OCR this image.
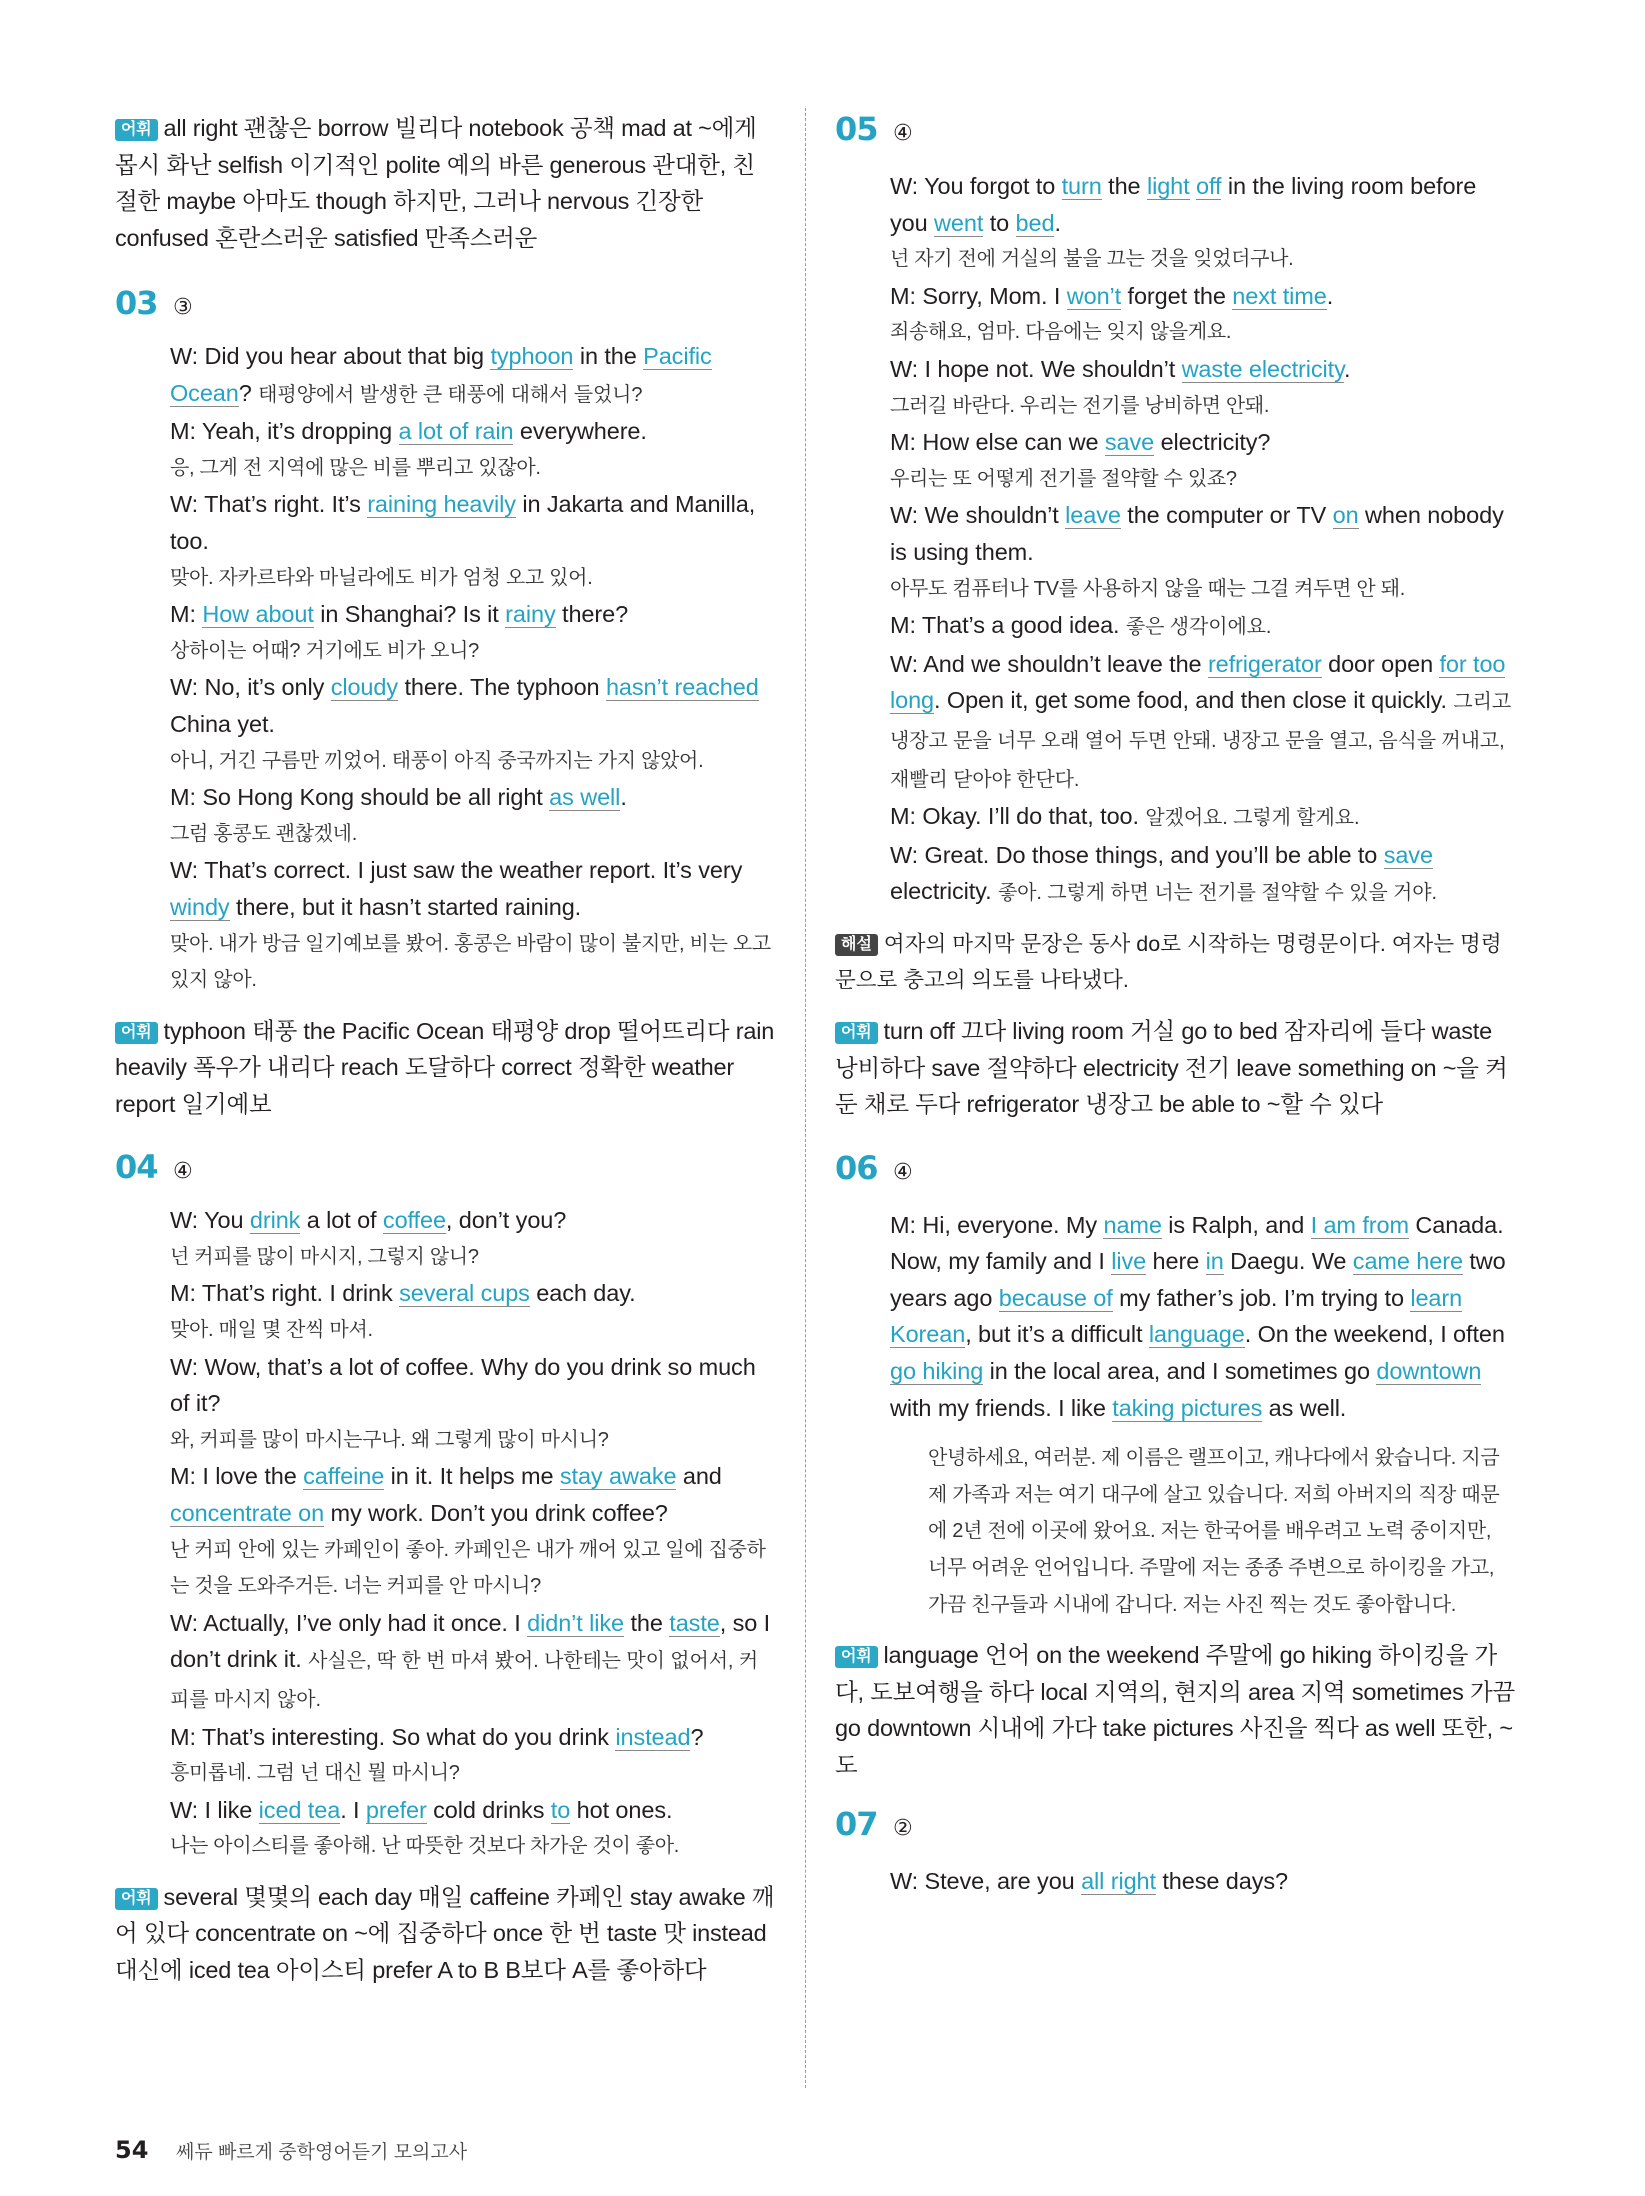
어휘 all right 괜찮은 borrow 빌리다 notebook 공책 mad at ~에게 몹시 화난 selfish 이기적인 polite 예의 바른 generous 관대한, 친절한 maybe 아마도 though 하지만, 그러나 nervous 긴장한 confused 혼란스러운 satisfied 만족스러운

03 ③
W: Did you hear about that big typhoon in the Pacific Ocean? 태평양에서 발생한 큰 태풍에 대해서 들었니?
M: Yeah, it’s dropping a lot of rain everywhere.
응, 그게 전 지역에 많은 비를 뿌리고 있잖아.
W: That’s right. It’s raining heavily in Jakarta and Manilla, too.
맞아. 자카르타와 마닐라에도 비가 엄청 오고 있어.
M: How about in Shanghai? Is it rainy there?
상하이는 어때? 거기에도 비가 오니?
W: No, it’s only cloudy there. The typhoon hasn’t reached China yet.
아니, 거긴 구름만 끼었어. 태풍이 아직 중국까지는 가지 않았어.
M: So Hong Kong should be all right as well.
그럼 홍콩도 괜찮겠네.
W: That’s correct. I just saw the weather report. It’s very windy there, but it hasn’t started raining.
맞아. 내가 방금 일기예보를 봤어. 홍콩은 바람이 많이 불지만, 비는 오고 있지 않아.

어휘 typhoon 태풍 the Pacific Ocean 태평양 drop 떨어뜨리다 rain heavily 폭우가 내리다 reach 도달하다 correct 정확한 weather report 일기예보

04 ④
W: You drink a lot of coffee, don’t you?
넌 커피를 많이 마시지, 그렇지 않니?
M: That’s right. I drink several cups each day.
맞아. 매일 몇 잔씩 마셔.
W: Wow, that’s a lot of coffee. Why do you drink so much of it?
와, 커피를 많이 마시는구나. 왜 그렇게 많이 마시니?
M: I love the caffeine in it. It helps me stay awake and concentrate on my work. Don’t you drink coffee?
난 커피 안에 있는 카페인이 좋아. 카페인은 내가 깨어 있고 일에 집중하는 것을 도와주거든. 너는 커피를 안 마시니?
W: Actually, I’ve only had it once. I didn’t like the taste, so I don’t drink it. 사실은, 딱 한 번 마셔 봤어. 나한테는 맛이 없어서, 커피를 마시지 않아.
M: That’s interesting. So what do you drink instead?
흥미롭네. 그럼 넌 대신 뭘 마시니?
W: I like iced tea. I prefer cold drinks to hot ones.
나는 아이스티를 좋아해. 난 따뜻한 것보다 차가운 것이 좋아.

어휘 several 몇몇의 each day 매일 caffeine 카페인 stay awake 깨어 있다 concentrate on ~에 집중하다 once 한 번 taste 맛 instead 대신에 iced tea 아이스티 prefer A to B B보다 A를 좋아하다

05 ④
W: You forgot to turn the light off in the living room before you went to bed.
넌 자기 전에 거실의 불을 끄는 것을 잊었더구나.
M: Sorry, Mom. I won’t forget the next time.
죄송해요, 엄마. 다음에는 잊지 않을게요.
W: I hope not. We shouldn’t waste electricity.
그러길 바란다. 우리는 전기를 낭비하면 안돼.
M: How else can we save electricity?
우리는 또 어떻게 전기를 절약할 수 있죠?
W: We shouldn’t leave the computer or TV on when nobody is using them.
아무도 컴퓨터나 TV를 사용하지 않을 때는 그걸 켜두면 안 돼.
M: That’s a good idea. 좋은 생각이에요.
W: And we shouldn’t leave the refrigerator door open for too long. Open it, get some food, and then close it quickly. 그리고 냉장고 문을 너무 오래 열어 두면 안돼. 냉장고 문을 열고, 음식을 꺼내고, 재빨리 닫아야 한단다.
M: Okay. I’ll do that, too. 알겠어요. 그렇게 할게요.
W: Great. Do those things, and you’ll be able to save electricity. 좋아. 그렇게 하면 너는 전기를 절약할 수 있을 거야.

해설 여자의 마지막 문장은 동사 do로 시작하는 명령문이다. 여자는 명령문으로 충고의 의도를 나타냈다.

어휘 turn off 끄다 living room 거실 go to bed 잠자리에 들다 waste 낭비하다 save 절약하다 electricity 전기 leave something on ~을 켜둔 채로 두다 refrigerator 냉장고 be able to ~할 수 있다

06 ④
M: Hi, everyone. My name is Ralph, and I am from Canada. Now, my family and I live here in Daegu. We came here two years ago because of my father’s job. I’m trying to learn Korean, but it’s a difficult language. On the weekend, I often go hiking in the local area, and I sometimes go downtown with my friends. I like taking pictures as well.
안녕하세요, 여러분. 제 이름은 랠프이고, 캐나다에서 왔습니다. 지금 제 가족과 저는 여기 대구에 살고 있습니다. 저희 아버지의 직장 때문에 2년 전에 이곳에 왔어요. 저는 한국어를 배우려고 노력 중이지만, 너무 어려운 언어입니다. 주말에 저는 종종 주변으로 하이킹을 가고, 가끔 친구들과 시내에 갑니다. 저는 사진 찍는 것도 좋아합니다.

어휘 language 언어 on the weekend 주말에 go hiking 하이킹을 가다, 도보여행을 하다 local 지역의, 현지의 area 지역 sometimes 가끔 go downtown 시내에 가다 take pictures 사진을 찍다 as well 또한, ~도

07 ②
W: Steve, are you all right these days?
54 쎄듀 빠르게 중학영어듣기 모의고사
